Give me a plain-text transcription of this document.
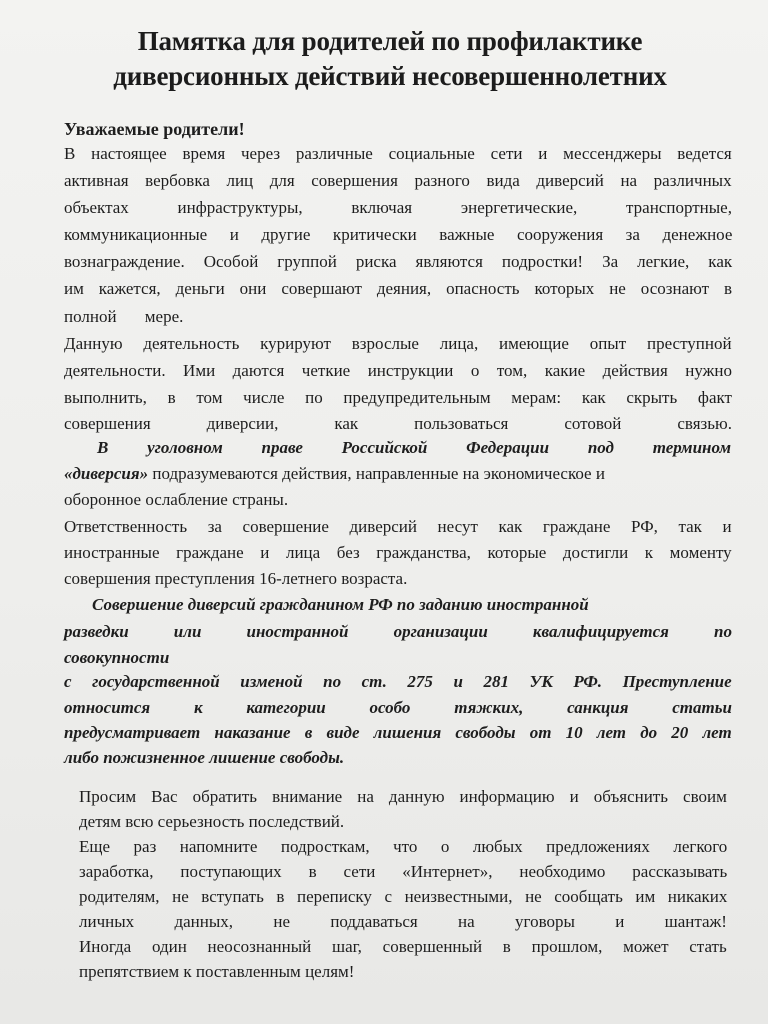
Памятка для родителей по профилактике
диверсионных действий несовершеннолетних
Уважаемые родители!
В настоящее время через различные социальные сети и мессенджеры ведется
активная вербовка лиц для совершения разного вида диверсий на различных
объектах	инфраструктуры,	включая	энергетические,	транспортные,
коммуникационные и другие критически важные сооружения за денежное
вознаграждение. Особой группой риска являются подростки! За легкие, как
им кажется, деньги они совершают деяния, опасность которых не осознают в
полной мере.
Данную деятельность курируют взрослые лица, имеющие опыт преступной
деятельности. Ими даются четкие инструкции о том, какие действия нужно
выполнить, в том числе по предупредительным мерам: как скрыть факт
совершения	диверсии,	как	пользоваться	сотовой	связью.
В уголовном праве Российской Федерации под термином
«диверсия» подразумеваются действия, направленные на экономическое и
оборонное ослабление страны.
Ответственность за совершение диверсий несут как граждане РФ, так и
иностранные граждане и лица без гражданства, которые достигли к моменту
совершения преступления 16-летнего возраста.
Совершение диверсий гражданином РФ по заданию иностранной
разведки	или	иностранной	организации	квалифицируется	по
совокупности
с государственной изменой по ст. 275 и 281 УК РФ. Преступление
относится	к	категории	особо	тяжких,	санкция	статьи
предусматривает наказание в виде лишения свободы от 10 лет до 20 лет
либо пожизненное лишение свободы.
Просим Вас обратить внимание на данную информацию и объяснить своим
детям всю серьезность последствий.
Еще раз напомните подросткам, что о любых предложениях легкого
заработка, поступающих в сети «Интернет», необходимо рассказывать
родителям, не вступать в переписку с неизвестными, не сообщать им никаких
личных данных, не поддаваться на уговоры и шантаж!
Иногда один неосознанный шаг, совершенный в прошлом, может стать
препятствием к поставленным целям!
